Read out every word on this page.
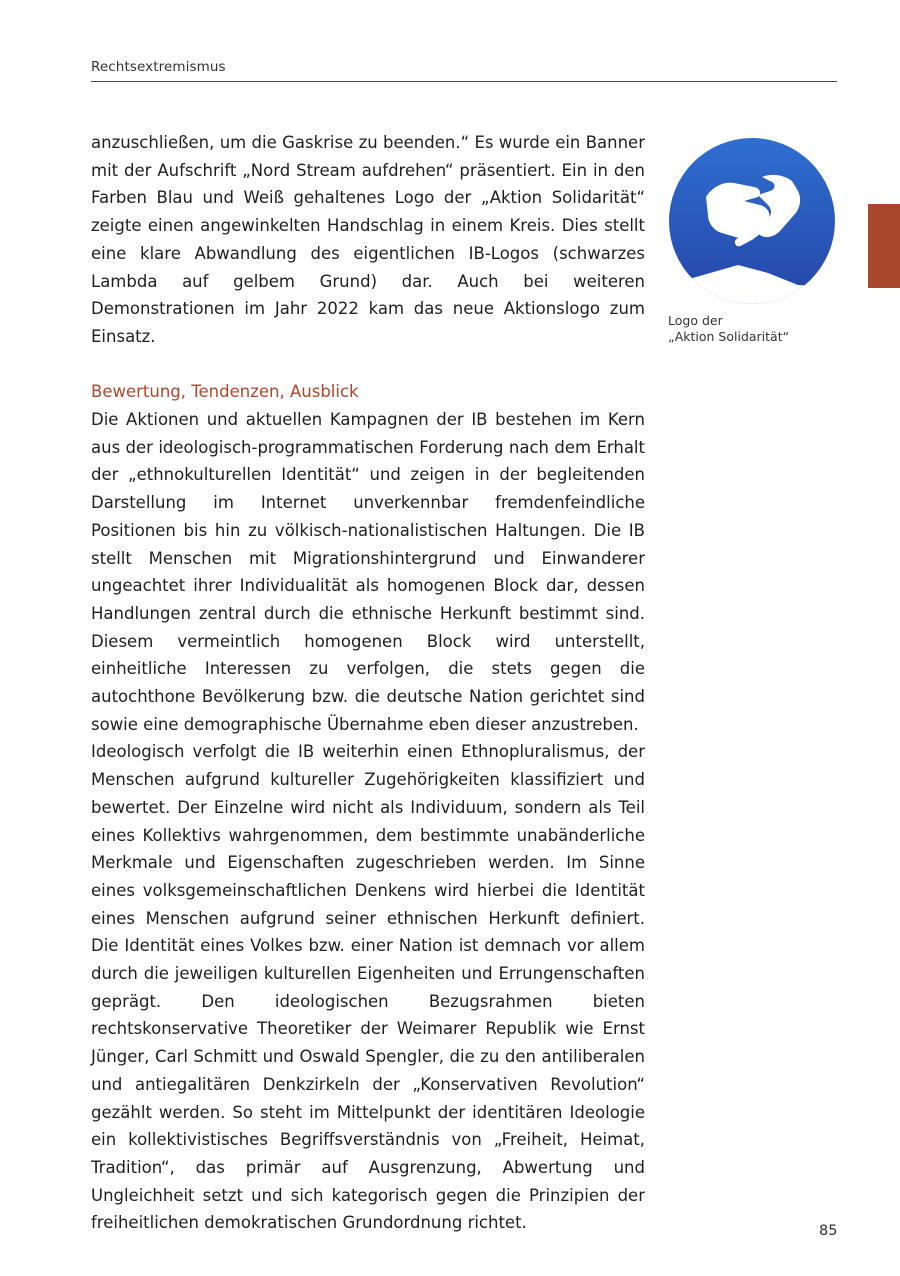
Rechtsextremismus

anzuschließen, um die Gaskrise zu beenden.“ Es wurde ein Banner mit der Aufschrift „Nord Stream aufdrehen“ präsentiert. Ein in den Farben Blau und Weiß gehaltenes Logo der „Aktion Solidarität“ zeigte einen angewinkelten Handschlag in einem Kreis. Dies stellt eine klare Abwandlung des eigentlichen IB-Logos (schwarzes Lambda auf gelbem Grund) dar. Auch bei weiteren Demonstrationen im Jahr 2022 kam das neue Aktionslogo zum Einsatz.

Bewertung, Tendenzen, Ausblick

Die Aktionen und aktuellen Kampagnen der IB bestehen im Kern aus der ideologisch-programmatischen Forderung nach dem Erhalt der „ethnokulturellen Identität“ und zeigen in der begleitenden Darstellung im Internet unverkennbar fremdenfeindliche Positionen bis hin zu völkisch-nationalistischen Haltungen. Die IB stellt Menschen mit Migrationshintergrund und Einwanderer ungeachtet ihrer Individualität als homogenen Block dar, dessen Handlungen zentral durch die ethnische Herkunft bestimmt sind. Diesem vermeintlich homogenen Block wird unterstellt, einheitliche Interessen zu verfolgen, die stets gegen die autochthone Bevölkerung bzw. die deutsche Nation gerichtet sind sowie eine demographische Übernahme eben dieser anzustreben.

Ideologisch verfolgt die IB weiterhin einen Ethnopluralismus, der Menschen aufgrund kultureller Zugehörigkeiten klassifiziert und bewertet. Der Einzelne wird nicht als Individuum, sondern als Teil eines Kollektivs wahrgenommen, dem bestimmte unabänderliche Merkmale und Eigenschaften zugeschrieben werden. Im Sinne eines volksgemeinschaftlichen Denkens wird hierbei die Identität eines Menschen aufgrund seiner ethnischen Herkunft definiert. Die Identität eines Volkes bzw. einer Nation ist demnach vor allem durch die jeweiligen kulturellen Eigenheiten und Errungenschaften geprägt. Den ideologischen Bezugsrahmen bieten rechtskonservative Theoretiker der Weimarer Republik wie Ernst Jünger, Carl Schmitt und Oswald Spengler, die zu den antiliberalen und antiegalitären Denkzirkeln der „Konservativen Revolution“ gezählt werden. So steht im Mittelpunkt der identitären Ideologie ein kollektivistisches Begriffsverständnis von „Freiheit, Heimat, Tradition“, das primär auf Ausgrenzung, Abwertung und Ungleichheit setzt und sich kategorisch gegen die Prinzipien der freiheitlichen demokratischen Grundordnung richtet.

Logo der
„Aktion Solidarität“
85
